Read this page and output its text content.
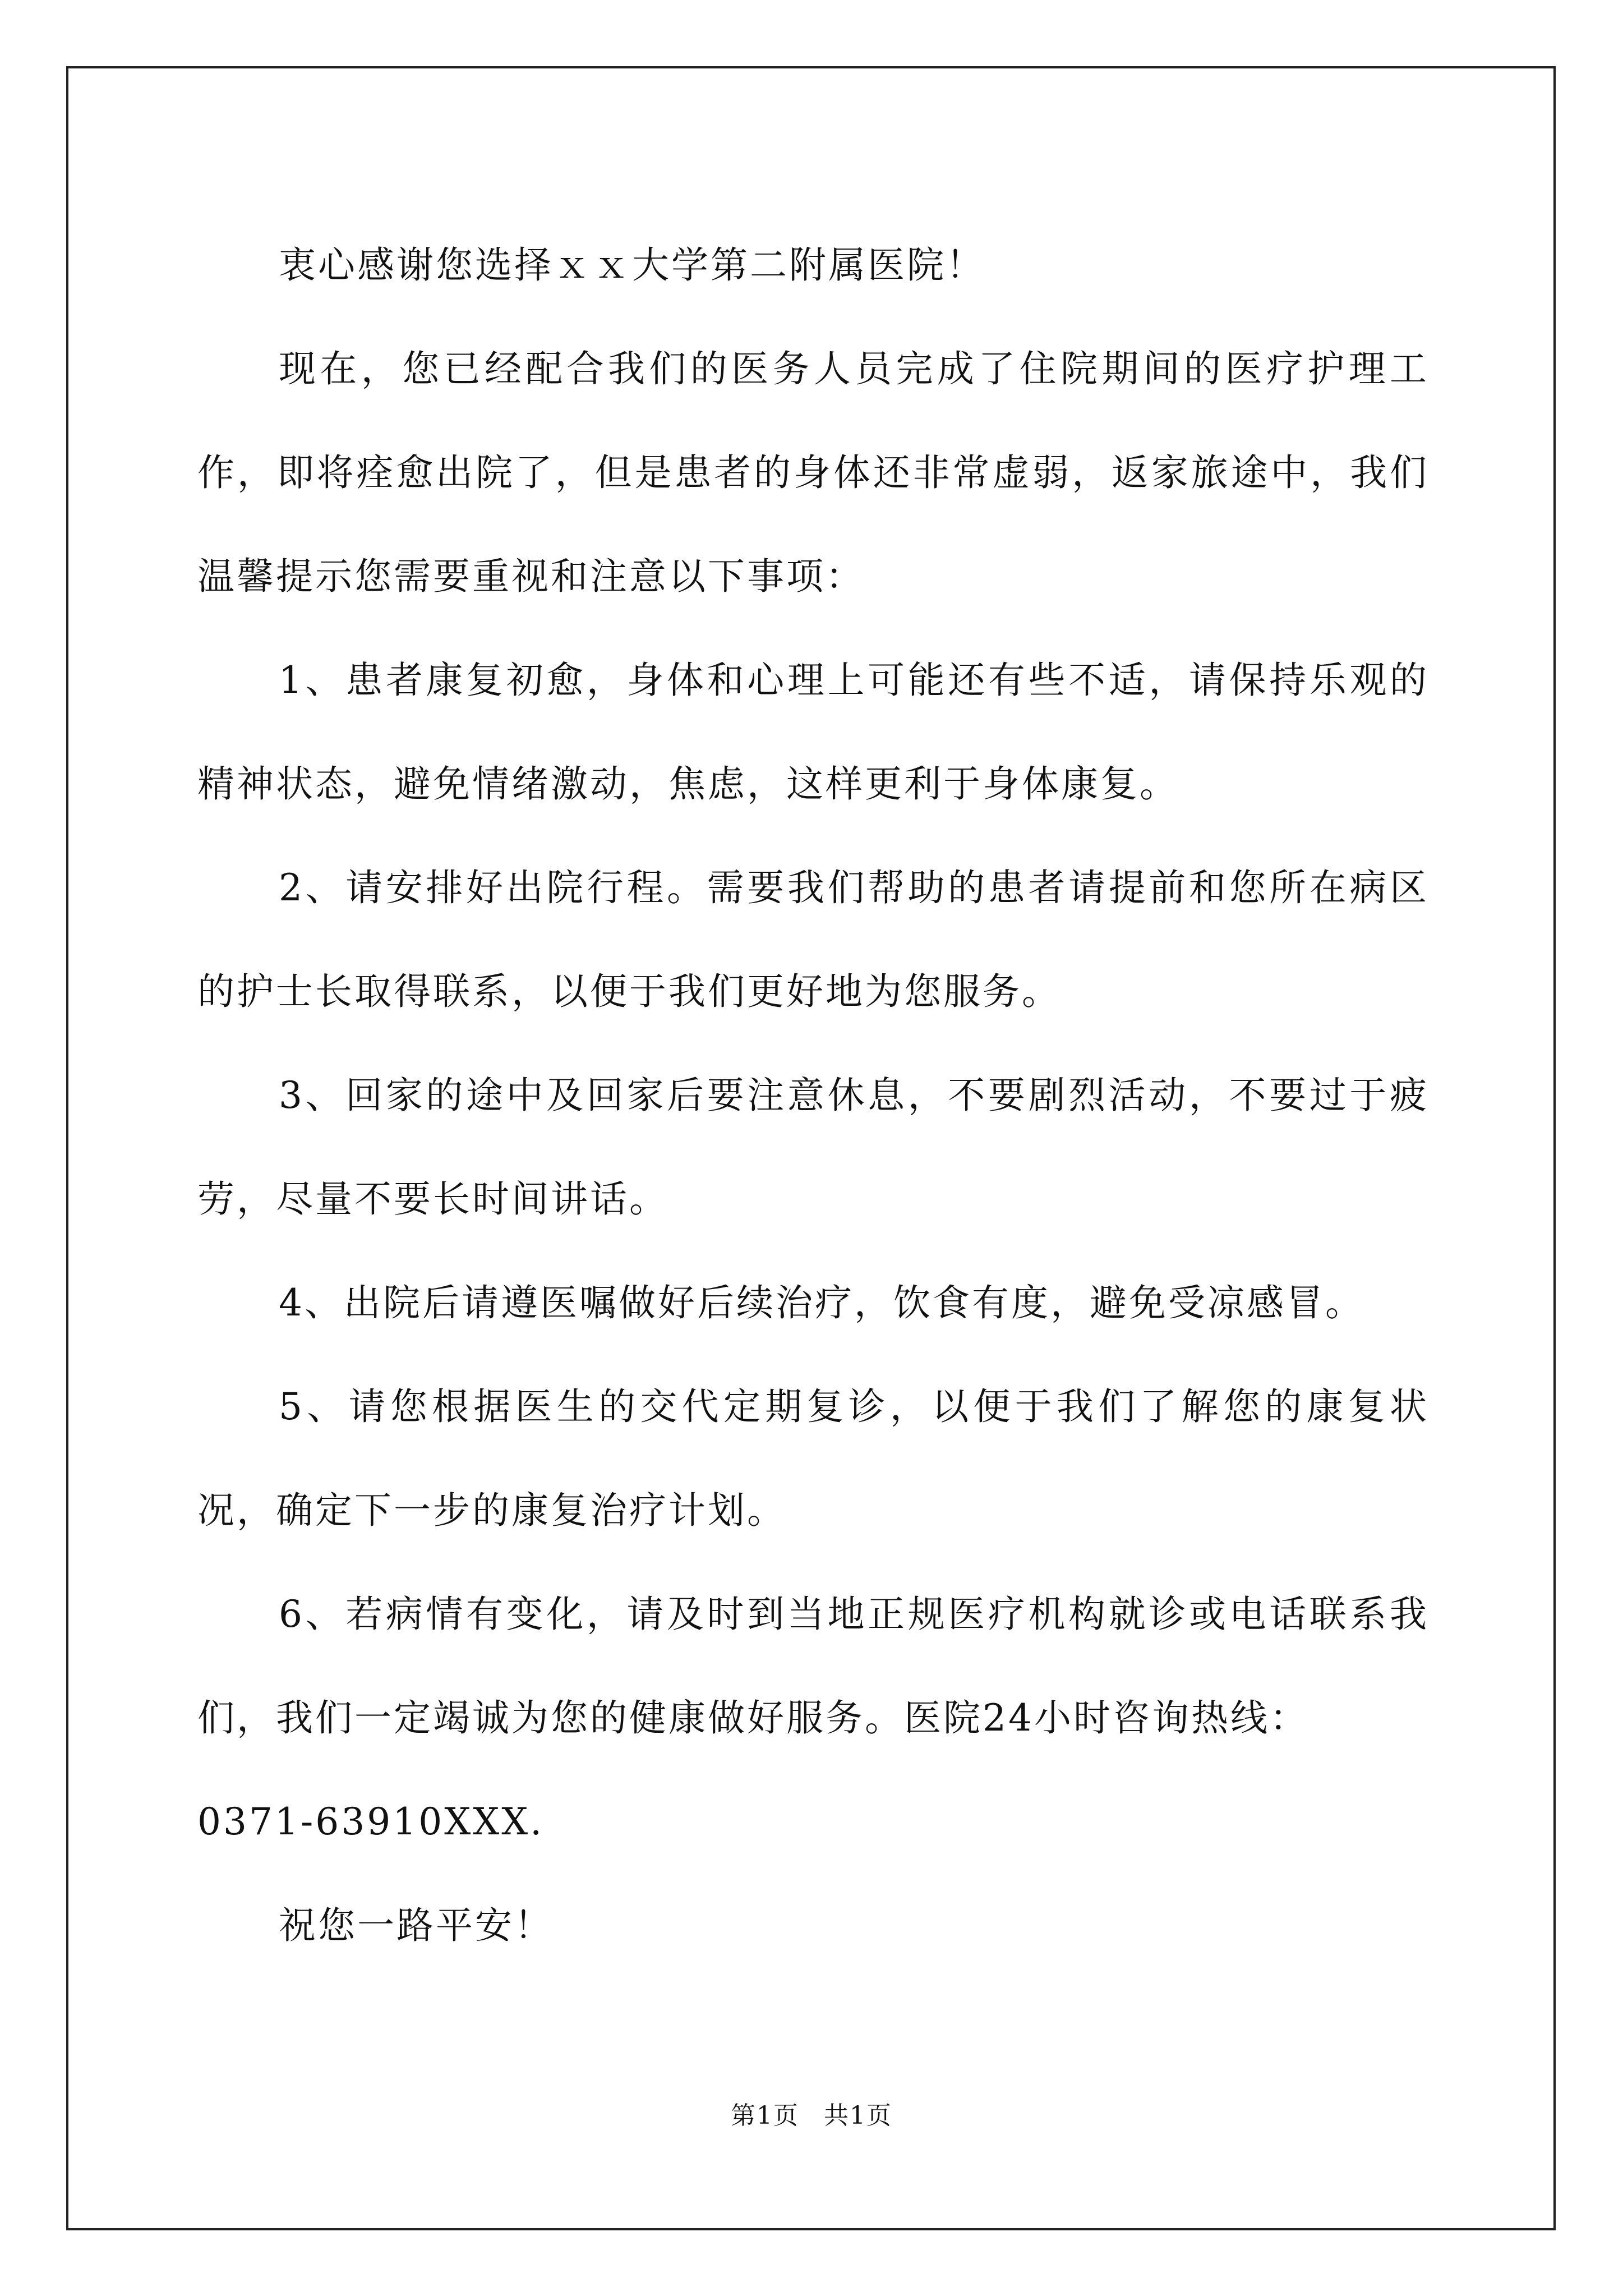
衷心感谢您选择ｘｘ大学第二附属医院！

现在，您已经配合我们的医务人员完成了住院期间的医疗护理工作，即将痊愈出院了，但是患者的身体还非常虚弱，返家旅途中，我们温馨提示您需要重视和注意以下事项：

1、患者康复初愈，身体和心理上可能还有些不适，请保持乐观的精神状态，避免情绪激动，焦虑，这样更利于身体康复。

2、请安排好出院行程。需要我们帮助的患者请提前和您所在病区的护士长取得联系，以便于我们更好地为您服务。

3、回家的途中及回家后要注意休息，不要剧烈活动，不要过于疲劳，尽量不要长时间讲话。

4、出院后请遵医嘱做好后续治疗，饮食有度，避免受凉感冒。

5、请您根据医生的交代定期复诊，以便于我们了解您的康复状况，确定下一步的康复治疗计划。

6、若病情有变化，请及时到当地正规医疗机构就诊或电话联系我们，我们一定竭诚为您的健康做好服务。医院24小时咨询热线：

0371-63910XXX.

祝您一路平安！

第1页 共1页
